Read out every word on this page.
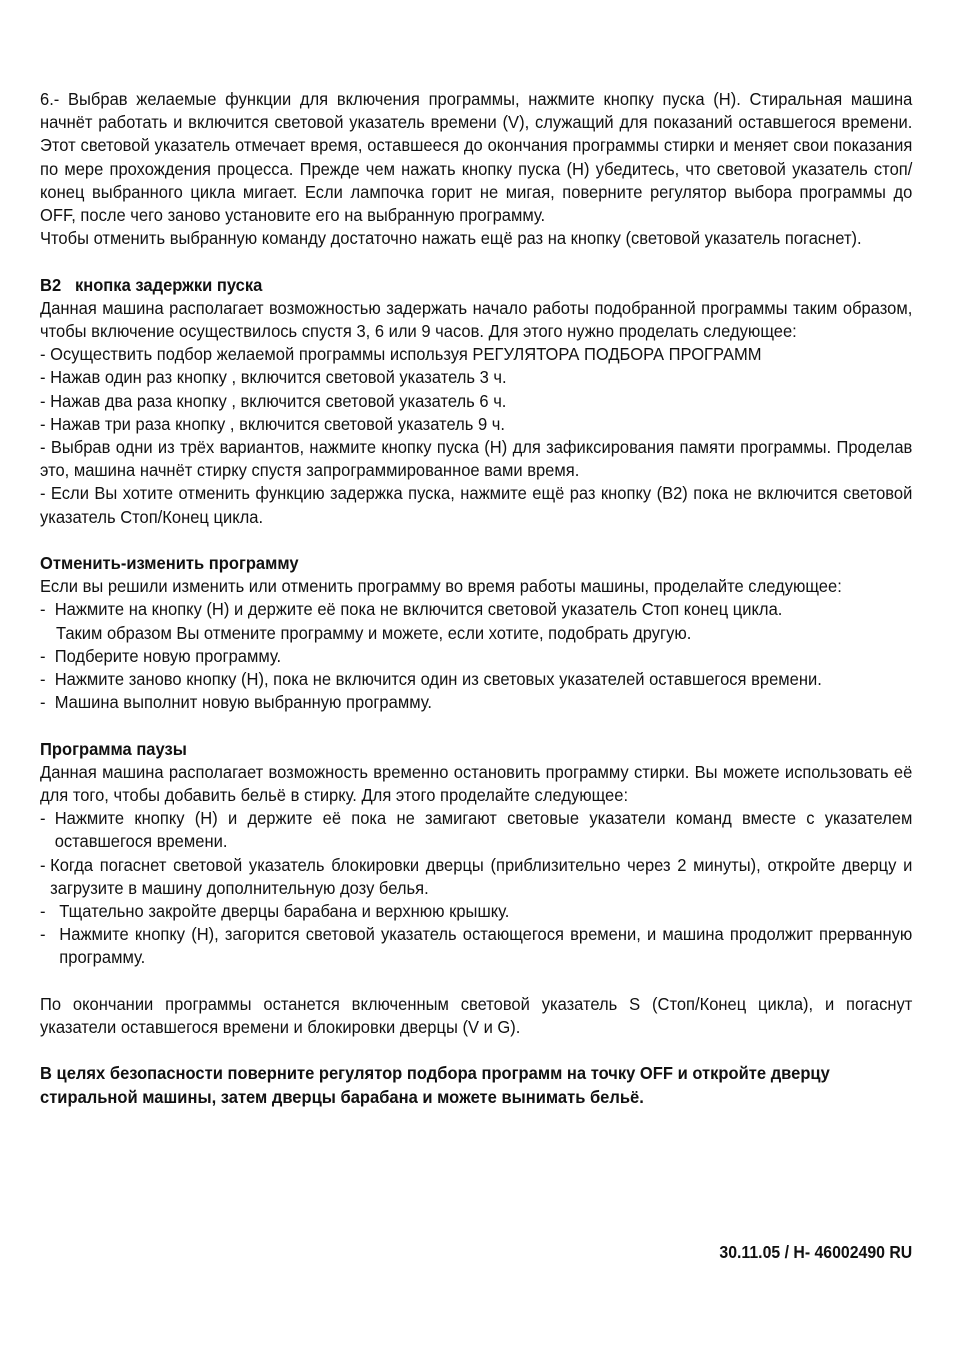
6.- Выбрав желаемые функции для включения программы, нажмите кнопку пуска (H). Стиральная машина начнёт работать и включится световой указатель времени (V), служащий для показаний оставшегося времени. Этот световой указатель отмечает время, оставшееся до окончания программы стирки и меняет свои показания по мере прохождения процесса. Прежде чем нажать кнопку пуска (H) убедитесь, что световой указатель стоп/конец выбранного цикла мигает. Если лампочка горит не мигая, поверните регулятор выбора программы до OFF, после чего заново установите его на выбранную программу.

Чтобы отменить выбранную команду достаточно нажать ещё раз на кнопку (световой указатель погаснет).

B2 кнопка задержки пуска

Данная машина располагает возможностью задержать начало работы подобранной программы таким образом, чтобы включение осуществилось спустя 3, 6 или 9 часов. Для этого нужно проделать следующее:

- Осуществить подбор желаемой программы используя РЕГУЛЯТОРА ПОДБОРА ПРОГРАММ

- Нажав один раз кнопку , включится световой указатель 3 ч.

- Нажав два раза кнопку , включится световой указатель 6 ч.

- Нажав три раза кнопку , включится световой указатель 9 ч.

- Выбрав одни из трёх вариантов, нажмите кнопку пуска (H) для зафиксирования памяти программы. Проделав это, машина начнёт стирку спустя запрограммированное вами время.

- Если Вы хотите отменить функцию задержка пуска, нажмите ещё раз кнопку (B2) пока не включится световой указатель Стоп/Конец цикла.

Отменить-изменить программу

Если вы решили изменить или отменить программу во время работы машины, проделайте следующее:

- Нажмите на кнопку (H) и держите её пока не включится световой указатель Стоп конец цикла.

Таким образом Вы отмените программу и можете, если хотите, подобрать другую.

- Подберите новую программу.
- Нажмите заново кнопку (H), пока не включится один из световых указателей оставшегося времени.
- Машина выполнит новую выбранную программу.

Программа паузы

Данная машина располагает возможность временно остановить программу стирки. Вы можете использовать её для того, чтобы добавить бельё в стирку. Для этого проделайте следующее:

- Нажмите кнопку (H) и держите её пока не замигают световые указатели команд вместе с указателем оставшегося времени.
- Когда погаснет световой указатель блокировки дверцы (приблизительно через 2 минуты), откройте дверцу и загрузите в машину дополнительную дозу белья.
- Тщательно закройте дверцы барабана и верхнюю крышку.
- Нажмите кнопку (H), загорится световой указатель остающегося времени, и машина продолжит прерванную программу.

По окончании программы останется включенным световой указатель S (Стоп/Конец цикла), и погаснут указатели оставшегося времени и блокировки дверцы (V и G).

В целях безопасности поверните регулятор подбора программ на точку OFF и откройте дверцу стиральной машины, затем дверцы барабана и можете вынимать бельё.

30.11.05 / H- 46002490 RU
